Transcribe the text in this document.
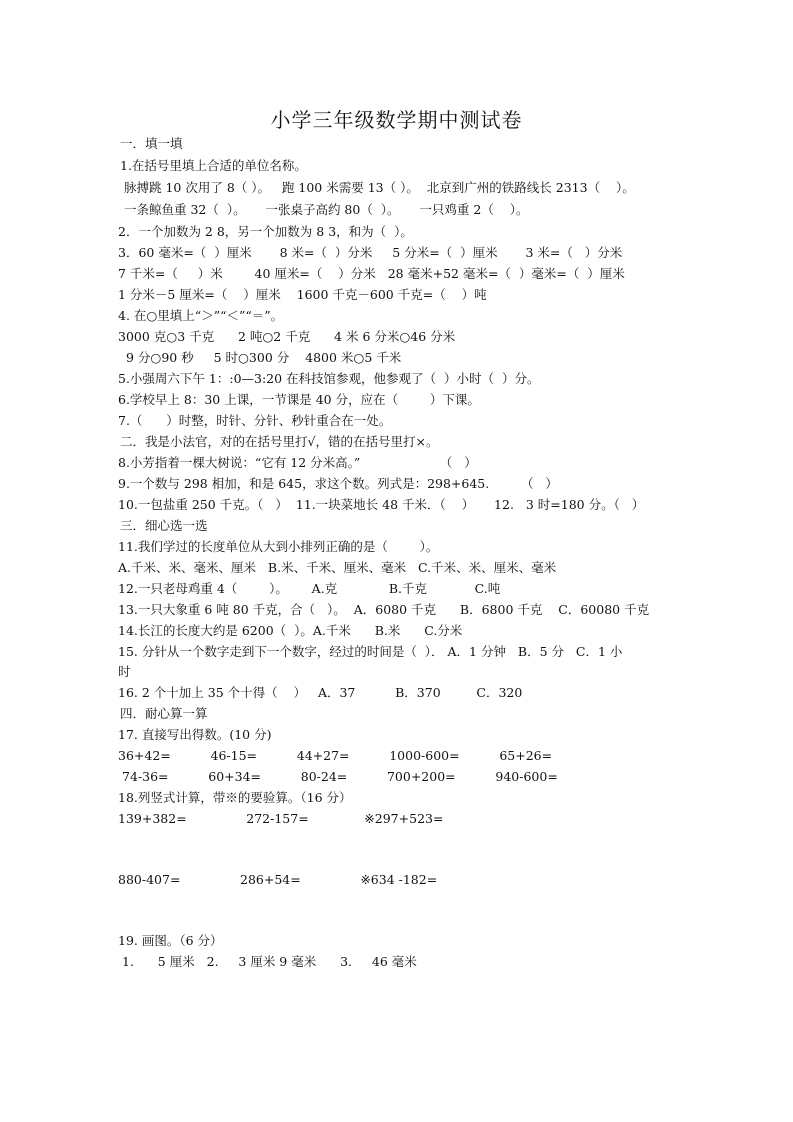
小学三年级数学期中测试卷
一．填一填
1.在括号里填上合适的单位名称。
脉搏跳 10 次用了 8（ ）。   跑 100 米需要 13（ ）。  北京到广州的铁路线长 2313（    ）。
一条鲸鱼重 32（  ）。     一张桌子高约 80（  ）。     一只鸡重 2（    ）。
2．一个加数为 2 8，另一个加数为 8 3，和为（  ）。
3．60 毫米=（  ）厘米       8 米=（  ）分米     5 分米=（  ）厘米       3 米=（   ）分米
7 千米=（     ）米        40 厘米=（    ）分米   28 毫米+52 毫米=（  ）毫米=（  ）厘米
1 分米－5 厘米=（    ）厘米    1600 千克－600 千克=（    ）吨
4. 在○里填上“＞”“＜”“＝”。
3000 克○3 千克      2 吨○2 千克      4 米 6 分米○46 分米
9 分○90 秒     5 时○300 分    4800 米○5 千米
5.小强周六下午 1：:0—3:20 在科技馆参观，他参观了（  ）小时（  ）分。
6.学校早上 8：30 上课，一节课是 40 分，应在（        ）下课。
7.（      ）时整，时针、分针、秒针重合在一处。
二．我是小法官，对的在括号里打√，错的在括号里打×。
8.小芳指着一棵大树说：“它有 12 分米高。”                    （   ）
9.一个数与 298 相加，和是 645，求这个数。列式是：298+645.        （   ）
10.一包盐重 250 千克。（   ）  11.一块菜地长 48 千米．（    ）     12.   3 时=180 分。（   ）
三．细心选一选
11.我们学过的长度单位从大到小排列正确的是（        ）。
A.千米、米、毫米、厘米   B.米、千米、厘米、毫米   C.千米、米、厘米、毫米
12.一只老母鸡重 4（        ）。      A.克             B.千克            C.吨
13.一只大象重 6 吨 80 千克，合（   ）。  A．6080 千克      B．6800 千克    C．60080 千克
14.长江的长度大约是 6200（  ）。A.千米      B.米      C.分米
15. 分针从一个数字走到下一个数字，经过的时间是（  ）． A．1 分钟   B．5 分   C．1 小
时
16. 2 个十加上 35 个十得（    ）   A．37          B．370         C．320
四．耐心算一算
17. 直接写出得数。(10 分)
36+42=          46-15=          44+27=          1000-600=          65+26=
74-36=          60+34=          80-24=          700+200=          940-600=
18.列竖式计算，带※的要验算。（16 分）
139+382=               272-157=              ※297+523=
880-407=               286+54=               ※634 -182=
19. 画图。（6 分）
1.      5 厘米   2.     3 厘米 9 毫米      3.     46 毫米
